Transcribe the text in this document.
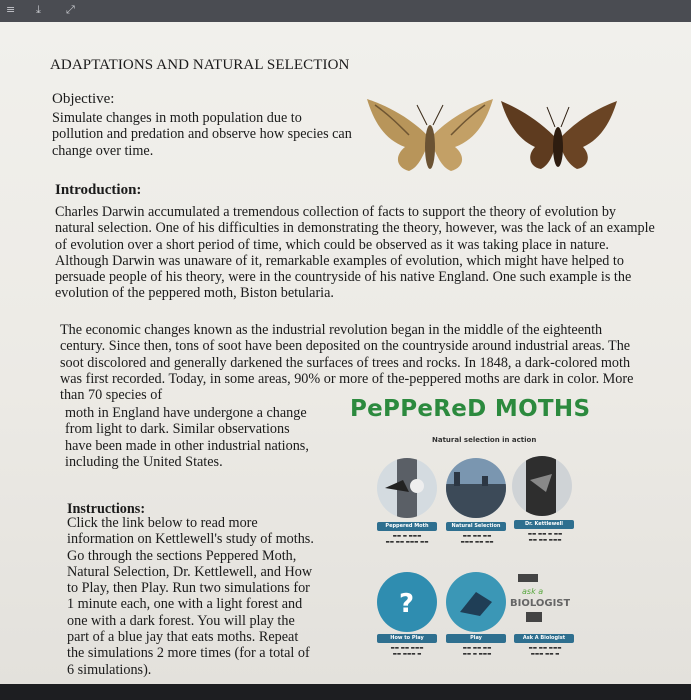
≡ ⤓ ⤢
ADAPTATIONS AND NATURAL SELECTION
Objective:
Simulate changes in moth population due to pollution and predation and observe how species can change over time.
Introduction:
Charles Darwin accumulated a tremendous collection of facts to support the theory of evolution by natural selection. One of his difficulties in demonstrating the theory, however, was the lack of an example of evolution over a short period of time, which could be observed as it was taking place in nature. Although Darwin was unaware of it, remarkable examples of evolution, which might have helped to persuade people of his theory, were in the countryside of his native England. One such example is the evolution of the peppered moth, Biston betularia.
The economic changes known as the industrial revolution began in the middle of the eighteenth century. Since then, tons of soot have been deposited on the countryside around industrial areas. The soot discolored and generally darkened the surfaces of trees and rocks. In 1848, a dark-colored moth was first recorded. Today, in some areas, 90% or more of the-peppered moths are dark in color. More than 70 species of
moth in England have undergone a change from light to dark. Similar observations have been made in other industrial nations, including the United States.
Instructions:
Click the link below to read more information on Kettlewell's study of moths. Go through the sections Peppered Moth, Natural Selection, Dr. Kettlewell, and How to Play, then Play. Run two simulations for 1 minute each, one with a light forest and one with a dark forest. You will play the part of a blue jay that eats moths. Repeat the simulations 2 more times (for a total of 6 simulations).
PePPeReD MOTHS
Natural selection in action
Peppered Moth	Natural Selection	Dr. Kettlewell
▬▬ ▬ ▬▬▬
▬▬ ▬▬ ▬▬▬ ▬▬
▬▬ ▬▬ ▬▬
▬▬▬ ▬▬ ▬▬
▬▬ ▬▬ ▬ ▬▬
▬▬ ▬▬ ▬▬▬
?	ask a
BIOLOGIST
How to Play	Play	Ask A Biologist
▬▬ ▬▬ ▬▬▬
▬▬ ▬▬▬ ▬
▬▬ ▬▬ ▬▬
▬▬ ▬ ▬▬▬
▬▬ ▬▬ ▬▬▬
▬▬▬ ▬▬ ▬
